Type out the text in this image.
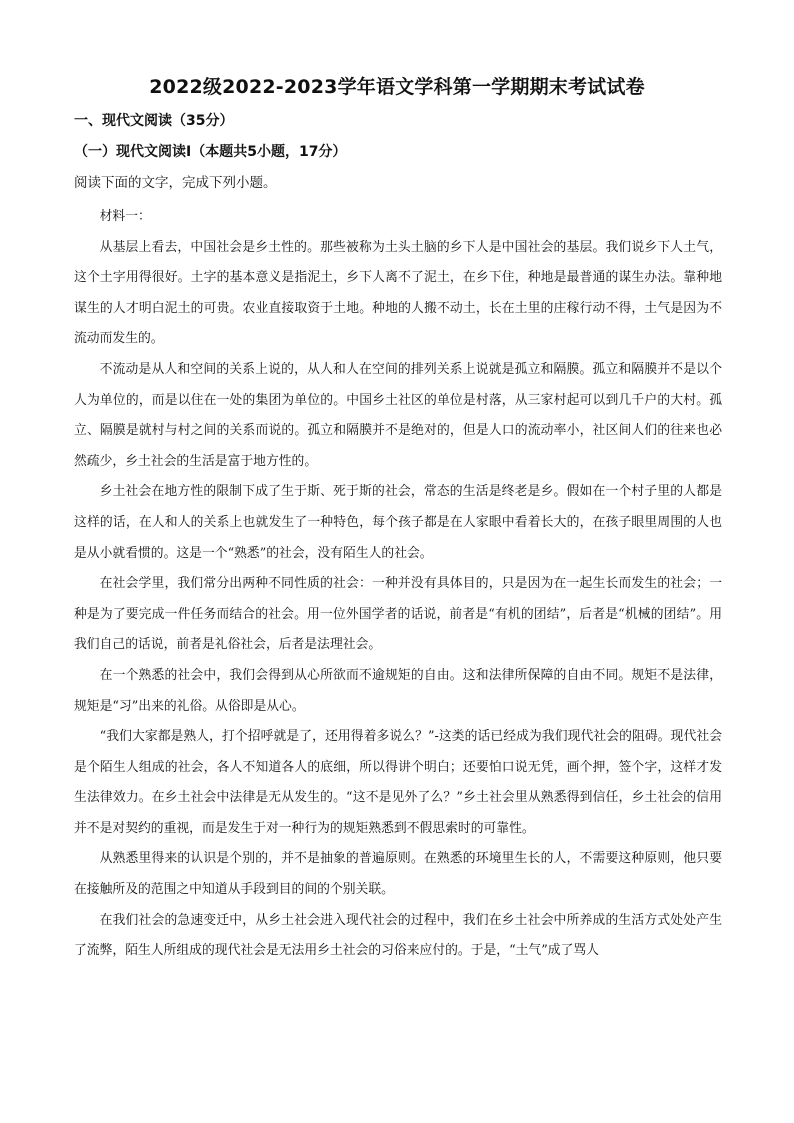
2022级2022-2023学年语文学科第一学期期末考试试卷
一、现代文阅读（35分）
（一）现代文阅读Ⅰ（本题共5小题，17分）
阅读下面的文字，完成下列小题。

材料一：

从基层上看去，中国社会是乡土性的。那些被称为土头土脑的乡下人是中国社会的基层。我们说乡下人土气，这个土字用得很好。土字的基本意义是指泥土，乡下人离不了泥土，在乡下住，种地是最普通的谋生办法。靠种地谋生的人才明白泥土的可贵。农业直接取资于土地。种地的人搬不动土，长在土里的庄稼行动不得，土气是因为不流动而发生的。

不流动是从人和空间的关系上说的，从人和人在空间的排列关系上说就是孤立和隔膜。孤立和隔膜并不是以个人为单位的，而是以住在一处的集团为单位的。中国乡土社区的单位是村落，从三家村起可以到几千户的大村。孤立、隔膜是就村与村之间的关系而说的。孤立和隔膜并不是绝对的，但是人口的流动率小，社区间人们的往来也必然疏少，乡土社会的生活是富于地方性的。

乡土社会在地方性的限制下成了生于斯、死于斯的社会，常态的生活是终老是乡。假如在一个村子里的人都是这样的话，在人和人的关系上也就发生了一种特色，每个孩子都是在人家眼中看着长大的，在孩子眼里周围的人也是从小就看惯的。这是一个“熟悉”的社会，没有陌生人的社会。

在社会学里，我们常分出两种不同性质的社会：一种并没有具体目的，只是因为在一起生长而发生的社会；一种是为了要完成一件任务而结合的社会。用一位外国学者的话说，前者是“有机的团结”，后者是“机械的团结”。用我们自己的话说，前者是礼俗社会，后者是法理社会。

在一个熟悉的社会中，我们会得到从心所欲而不逾规矩的自由。这和法律所保障的自由不同。规矩不是法律，规矩是“习”出来的礼俗。从俗即是从心。

“我们大家都是熟人，打个招呼就是了，还用得着多说么？”-这类的话已经成为我们现代社会的阻碍。现代社会是个陌生人组成的社会，各人不知道各人的底细，所以得讲个明白；还要怕口说无凭，画个押，签个字，这样才发生法律效力。在乡土社会中法律是无从发生的。“这不是见外了么？”乡土社会里从熟悉得到信任，乡土社会的信用并不是对契约的重视，而是发生于对一种行为的规矩熟悉到不假思索时的可靠性。

从熟悉里得来的认识是个别的，并不是抽象的普遍原则。在熟悉的环境里生长的人，不需要这种原则，他只要在接触所及的范围之中知道从手段到目的间的个别关联。

在我们社会的急速变迁中，从乡土社会进入现代社会的过程中，我们在乡土社会中所养成的生活方式处处产生了流弊，陌生人所组成的现代社会是无法用乡土社会的习俗来应付的。于是，“土气”成了骂人
